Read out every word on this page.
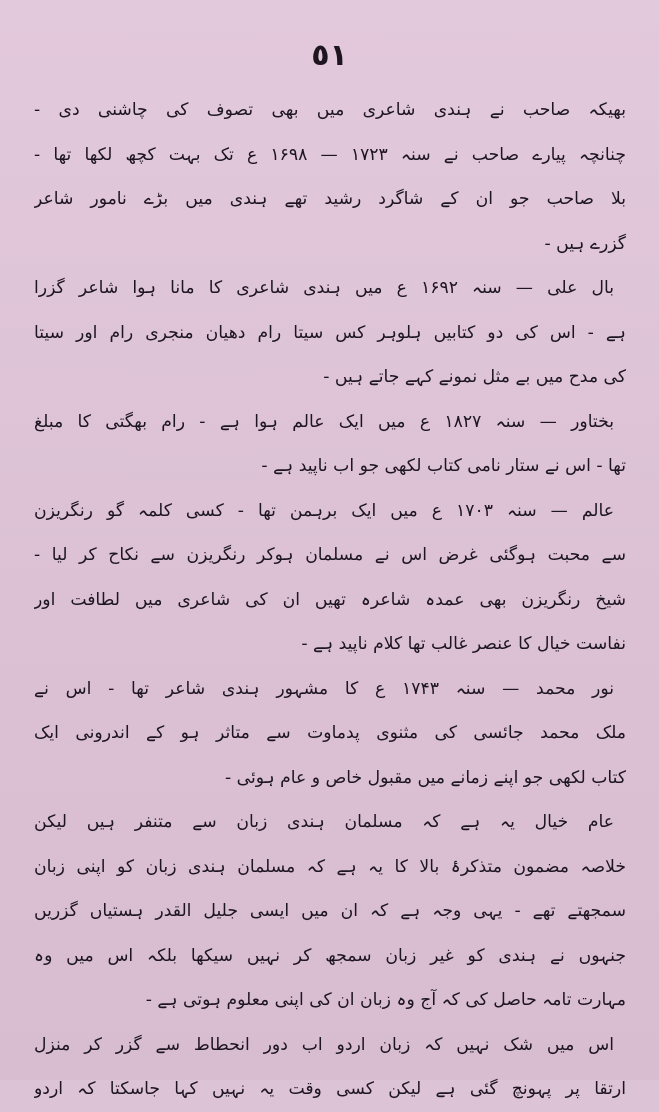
٥١
بھیکہ صاحب نے ہندی شاعری میں بھی تصوف کی چاشنی دی -
چنانچہ پیارے صاحب نے سنہ ۱۷۲۳ — ۱۶۹۸ ع تک بہت کچھ لکھا تھا -
بلا صاحب جو ان کے شاگرد رشید تھے ہندی میں بڑے نامور شاعر
گزرے ہیں -
بال علی — سنہ ۱۶۹۲ ع میں ہندی شاعری کا مانا ہوا شاعر گزرا
ہے - اس کی دو کتابیں ہلوہر کس سیتا رام دھیان منجری رام اور سیتا
کی مدح میں بے مثل نمونے کہے جاتے ہیں -
بختاور — سنہ ۱۸۲۷ ع میں ایک عالم ہوا ہے - رام بھگتی کا مبلغ
تھا - اس نے ستار نامی کتاب لکھی جو اب ناپید ہے -
عالم — سنہ ۱۷۰۳ ع میں ایک برہمن تھا - کسی کلمہ گو رنگریزن
سے محبت ہوگئی غرض اس نے مسلمان ہوکر رنگریزن سے نکاح کر لیا -
شیخ رنگریزن بھی عمدہ شاعرہ تھیں ان کی شاعری میں لطافت اور
نفاست خیال کا عنصر غالب تھا کلام ناپید ہے -
نور محمد — سنہ ۱۷۴۳ ع کا مشہور ہندی شاعر تھا - اس نے
ملک محمد جائسی کی مثنوی پدماوت سے متاثر ہو کے اندرونی ایک
کتاب لکھی جو اپنے زمانے میں مقبول خاص و عام ہوئی -
عام خیال یہ ہے کہ مسلمان ہندی زبان سے متنفر ہیں لیکن
خلاصہ مضمون متذکرۂ بالا کا یہ ہے کہ مسلمان ہندی زبان کو اپنی زبان
سمجھتے تھے - یہی وجہ ہے کہ ان میں ایسی جلیل القدر ہستیاں گزریں
جنہوں نے ہندی کو غیر زبان سمجھ کر نہیں سیکھا بلکہ اس میں وہ
مہارت تامہ حاصل کی کہ آج وہ زبان ان کی اپنی معلوم ہوتی ہے -
اس میں شک نہیں کہ زبان اردو اب دور انحطاط سے گزر کر منزل
ارتقا پر پہونچ گئی ہے لیکن کسی وقت یہ نہیں کہا جاسکتا کہ اردو
